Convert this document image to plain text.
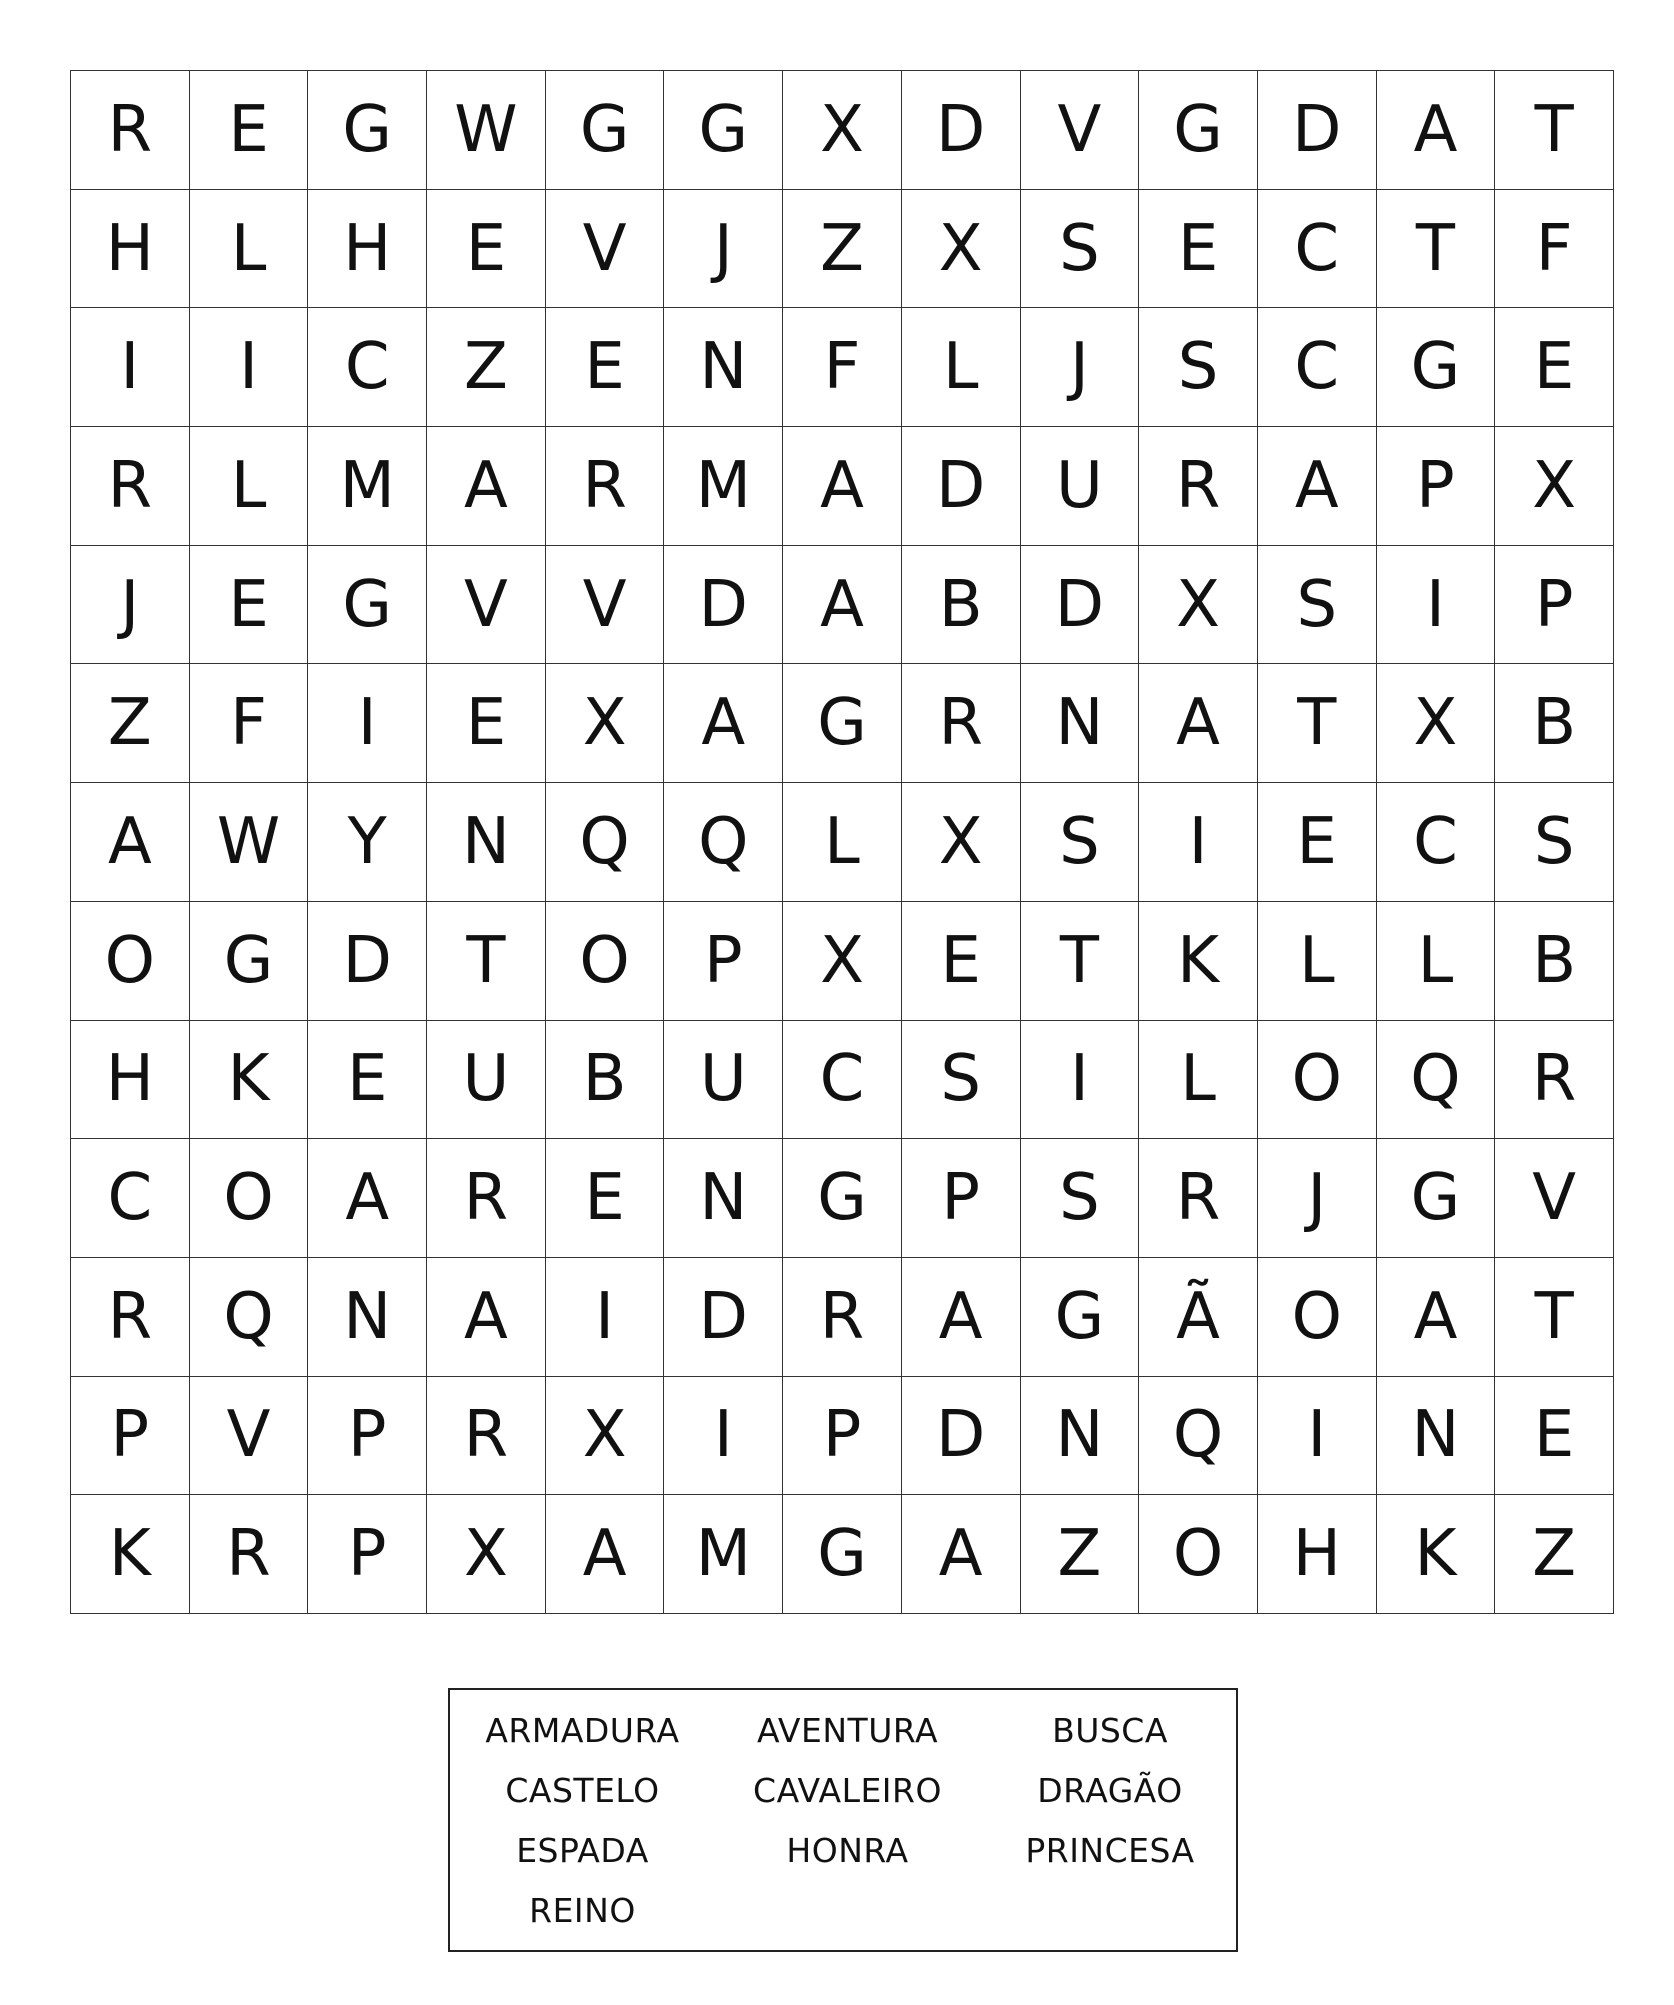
R	E	G W G	G	X	D	V	G	D	A	T
H	L	H	E	V	J	Z	X	S	E	C	T	F
I	I	C	Z	E	N	F	L	J	S	C	G	E
R	L	M	A	R	M	A	D	U	R	A	P	X
J	E	G	V	V	D	A	B	D	X	S	I	P
Z	F	I	E	X	A	G	R	N	A	T	X	B
A	W	Y	N	Q	Q	L	X	S	I	E	C	S
O	G	D	T	O	P	X	E	T	K	L	L	B
H	K	E	U	B	U	C	S	I	L	O	Q	R
C	O	A	R	E	N	G	P	S	R	J	G	V
R	Q	N	A	I	D	R	A	G	Ã	O	A	T
P	V	P	R	X	I	P	D	N	Q	I	N	E
K	R	P	X	A	M	G	A	Z	O	H	K	Z
ARMADURA	AVENTURA	BUSCA
CASTELO	CAVALEIRO	DRAGÃO
ESPADA	HONRA	PRINCESA
REINO
